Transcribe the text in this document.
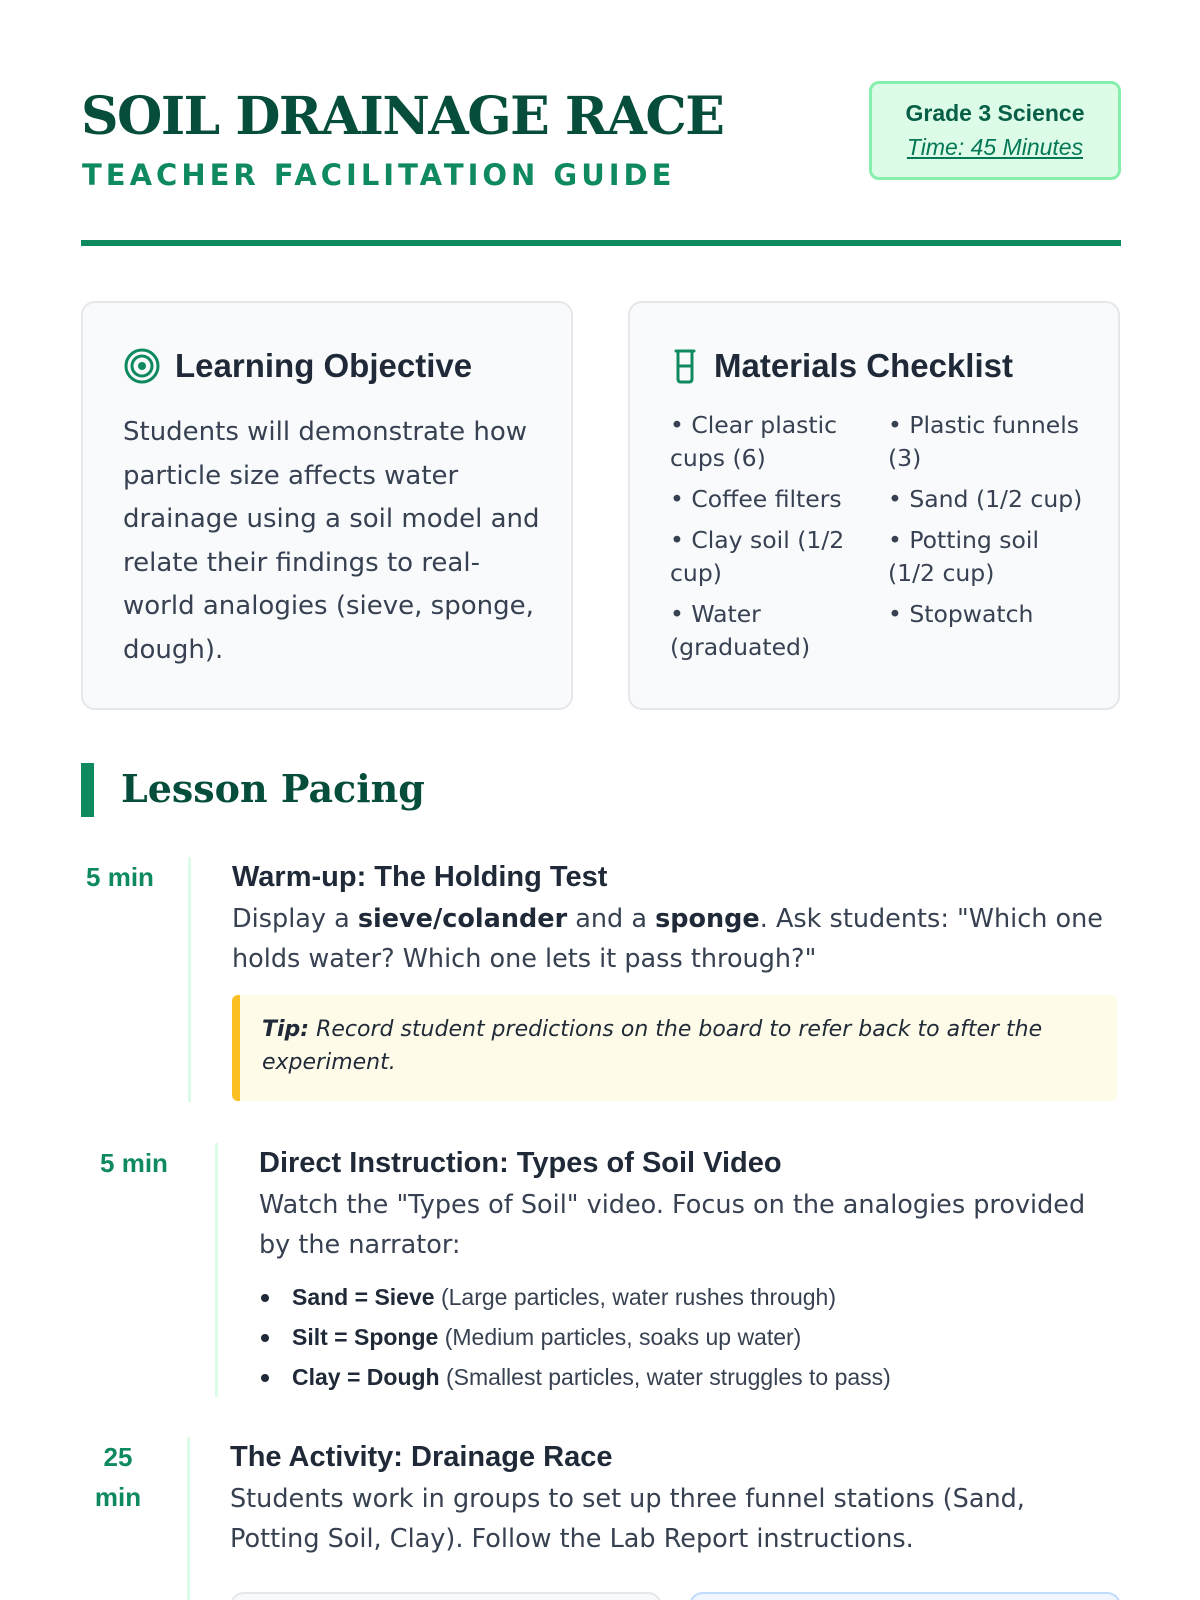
SOIL DRAINAGE RACE
TEACHER FACILITATION GUIDE
Grade 3 Science
Time: 45 Minutes
Learning Objective

Students will demonstrate how particle size affects water drainage using a soil model and relate their findings to real-world analogies (sieve, sponge, dough).

Materials Checklist
• Clear plastic cups (6)
• Plastic funnels (3)
• Coffee filters	• Sand (1/2 cup)
• Clay soil (1/2 cup)
• Potting soil (1/2 cup)
• Water (graduated)
• Stopwatch
Lesson Pacing
5 min	Warm-up: The Holding Test

Display a sieve/colander and a sponge. Ask students: "Which one holds water? Which one lets it pass through?"

Tip: Record student predictions on the board to refer back to after the experiment.
5 min	Direct Instruction: Types of Soil Video

Watch the "Types of Soil" video. Focus on the analogies provided by the narrator:

Sand = Sieve (Large particles, water rushes through)
Silt = Sponge (Medium particles, soaks up water)
Clay = Dough (Smallest particles, water struggles to pass)
25 min
The Activity: Drainage Race

Students work in groups to set up three funnel stations (Sand, Potting Soil, Clay). Follow the Lab Report instructions.
